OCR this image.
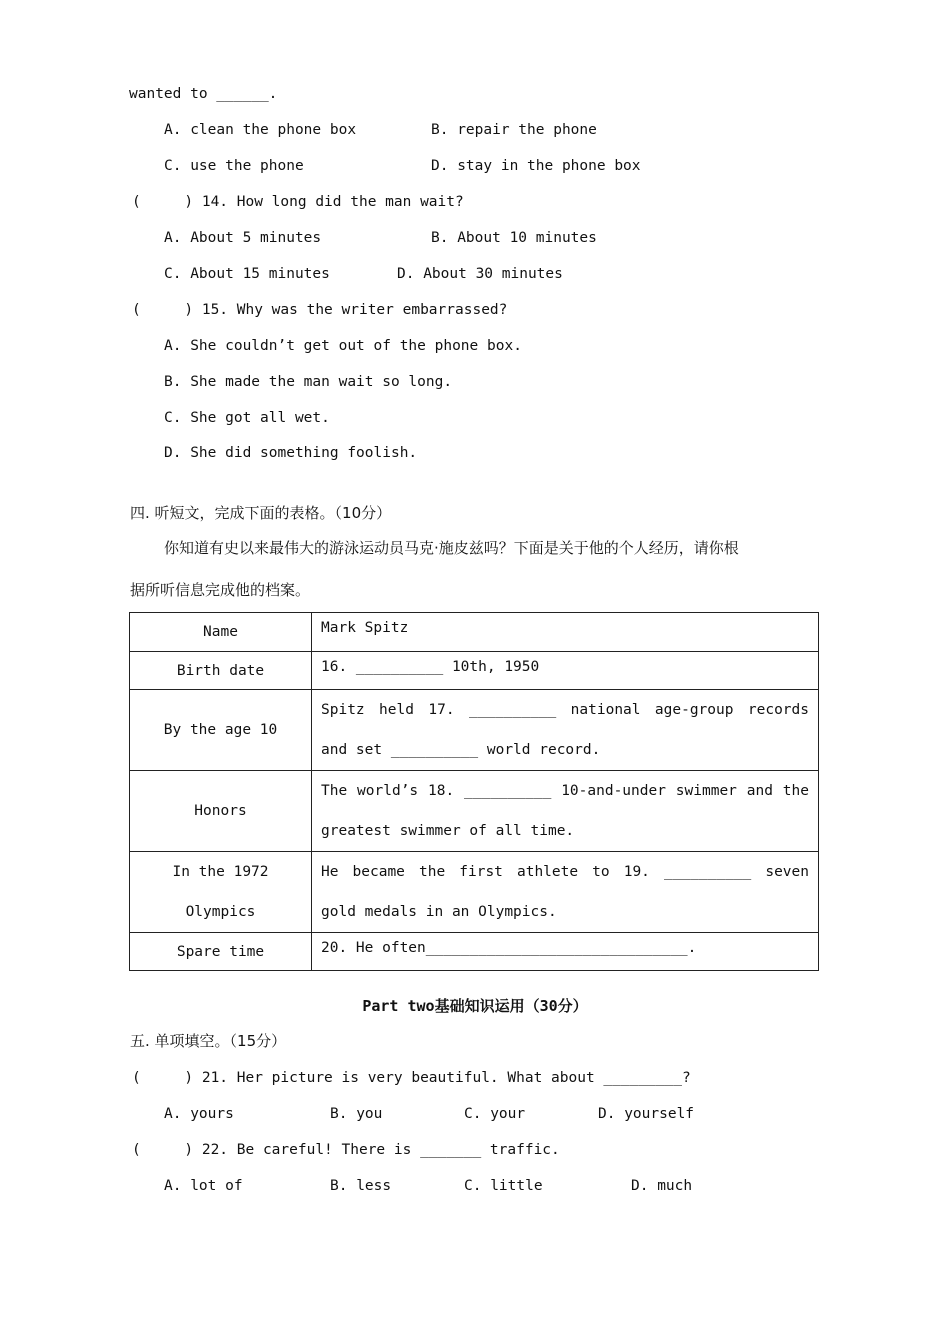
wanted to ______.
A. clean the phone box	B. repair the phone
C. use the phone	D. stay in the phone box
(     ) 14. How long did the man wait?
A. About 5 minutes	B. About 10 minutes
C. About 15 minutes	D. About 30 minutes
(     ) 15. Why was the writer embarrassed?
A. She couldn’t get out of the phone box.
B. She made the man wait so long.
C. She got all wet.
D. She did something foolish.
四. 听短文，完成下面的表格。（10分）
你知道有史以来最伟大的游泳运动员马克·施皮兹吗？下面是关于他的个人经历，请你根
据所听信息完成他的档案。
Name	Mark Spitz
Birth date	16. __________ 10th, 1950
By the age 10	Spitz held 17. __________ national age-group records and set __________ world record.
Honors	The world’s 18. __________ 10-and-under swimmer and the greatest swimmer of all time.
In the 1972 Olympics	He became the first athlete to 19. __________ seven gold medals in an Olympics.
Spare time	20. He often______________________________.
Part two基础知识运用（30分）
五. 单项填空。（15分）
(     ) 21. Her picture is very beautiful. What about _________?
A. yours	B. you	C. your	D. yourself
(     ) 22. Be careful! There is _______ traffic.
A. lot of	B. less	C. little	D. much
